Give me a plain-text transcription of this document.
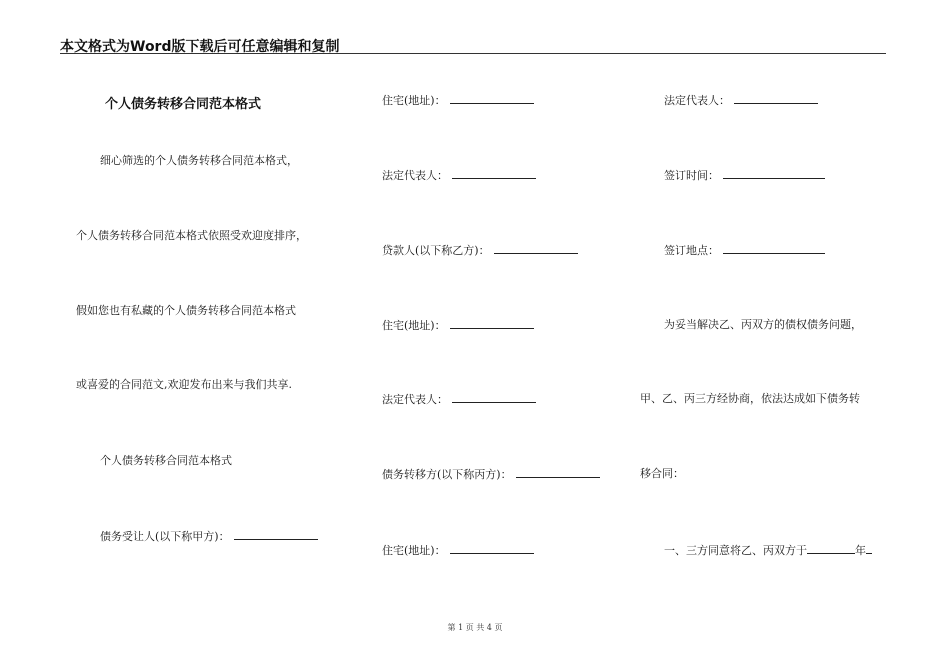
本文格式为Word版下载后可任意编辑和复制
个人债务转移合同范本格式
细心筛选的个人债务转移合同范本格式，
个人债务转移合同范本格式依照受欢迎度排序，
假如您也有私藏的个人债务转移合同范本格式
或喜爱的合同范文,欢迎发布出来与我们共享.
个人债务转移合同范本格式
债务受让人(以下称甲方)：
住宅(地址)：
法定代表人：
贷款人(以下称乙方)：
住宅(地址)：
法定代表人：
债务转移方(以下称丙方)：
住宅(地址)：
法定代表人：
签订时间：
签订地点：
为妥当解决乙、丙双方的债权债务问题，
甲、乙、丙三方经协商，依法达成如下债务转
移合同：
一、三方同意将乙、丙双方于	年
第 1 页 共 4 页
